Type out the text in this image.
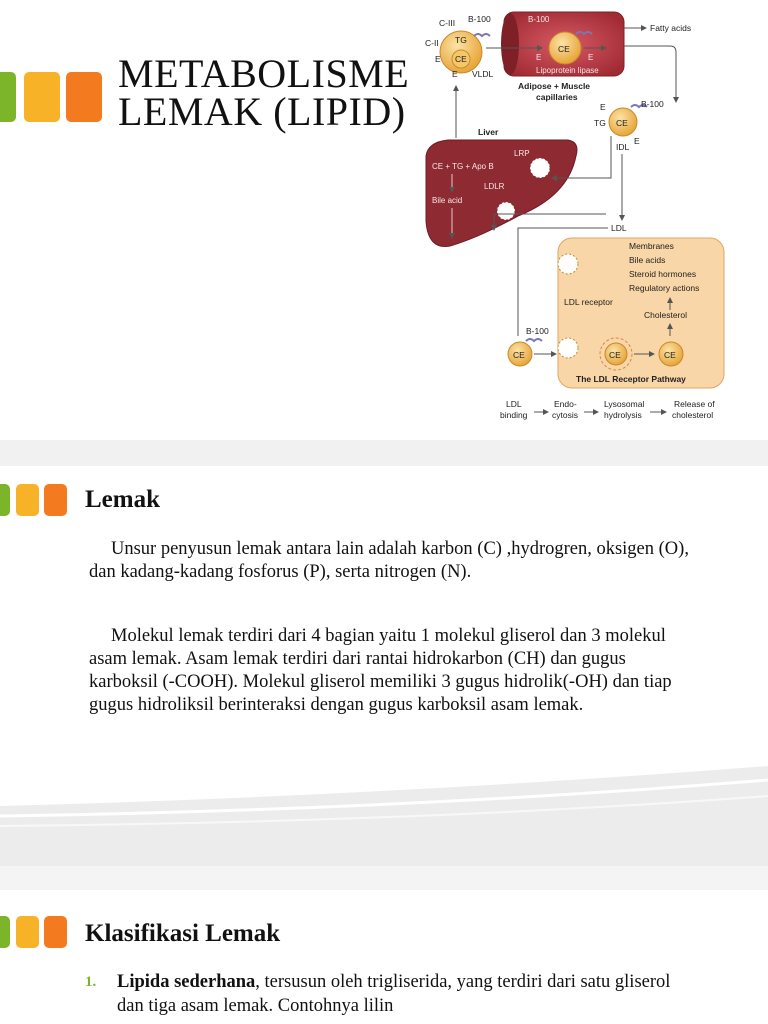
METABOLISME
LEMAK (LIPID)
C-III
C-II
E
E
TG
CE
VLDL
B-100	B-100
CE
E	E
Lipoprotein lipase
Adipose + Muscle
capillaries
Fatty acids
CE
B-100
E
E
TG
IDL
Liver
CE + TG + Apo B
LRP
LDLR
Bile acid
LDL
Membranes
Bile acids
Steroid hormones
Regulatory actions
LDL receptor
Cholesterol
CE	CE
The LDL Receptor Pathway
CE
B-100
LDL
binding
Endo-
cytosis
Lysosomal
hydrolysis
Release of
cholesterol
Lemak

Unsur penyusun lemak antara lain adalah karbon (C) ,hydrogren, oksigen (O), dan kadang-kadang fosforus (P), serta nitrogen (N).

Molekul lemak terdiri dari 4 bagian yaitu 1 molekul gliserol dan 3 molekul asam lemak. Asam lemak terdiri dari rantai hidrokarbon (CH) dan gugus karboksil (-COOH). Molekul gliserol memiliki 3 gugus hidrolik(-OH) dan tiap gugus hidroliksil berinteraksi dengan gugus karboksil asam lemak.

Klasifikasi Lemak
1. Lipida sederhana, tersusun oleh trigliserida, yang terdiri dari satu gliserol dan tiga asam lemak. Contohnya lilin
